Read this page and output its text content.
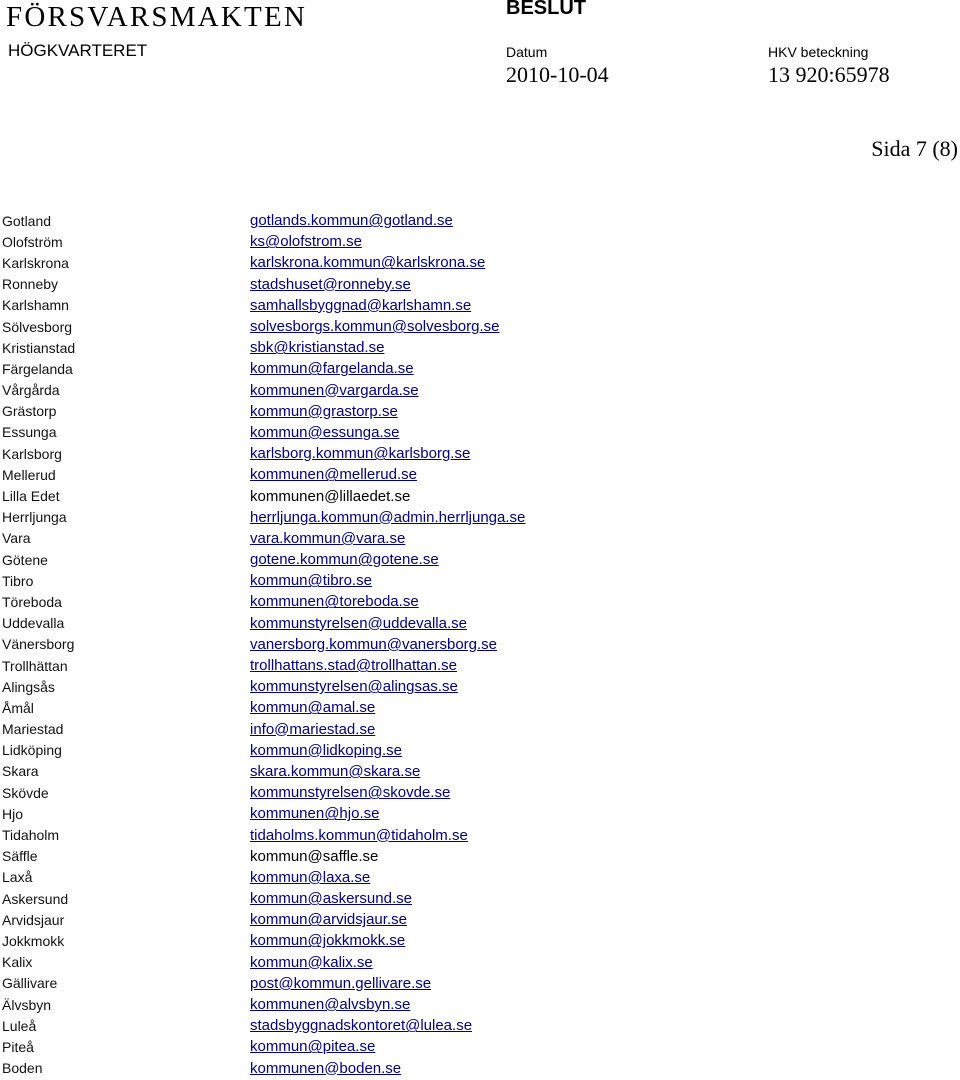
FÖRSVARSMAKTEN
HÖGKVARTERET
BESLUT
Datum
2010-10-04
HKV beteckning
13 920:65978
Sida 7 (8)
Gotland	gotlands.kommun@gotland.se
Olofström	ks@olofstrom.se
Karlskrona	karlskrona.kommun@karlskrona.se
Ronneby	stadshuset@ronneby.se
Karlshamn	samhallsbyggnad@karlshamn.se
Sölvesborg	solvesborgs.kommun@solvesborg.se
Kristianstad	sbk@kristianstad.se
Färgelanda	kommun@fargelanda.se
Vårgårda	kommunen@vargarda.se
Grästorp	kommun@grastorp.se
Essunga	kommun@essunga.se
Karlsborg	karlsborg.kommun@karlsborg.se
Mellerud	kommunen@mellerud.se
Lilla Edet	kommunen@lillaedet.se
Herrljunga	herrljunga.kommun@admin.herrljunga.se
Vara	vara.kommun@vara.se
Götene	gotene.kommun@gotene.se
Tibro	kommun@tibro.se
Töreboda	kommunen@toreboda.se
Uddevalla	kommunstyrelsen@uddevalla.se
Vänersborg	vanersborg.kommun@vanersborg.se
Trollhättan	trollhattans.stad@trollhattan.se
Alingsås	kommunstyrelsen@alingsas.se
Åmål	kommun@amal.se
Mariestad	info@mariestad.se
Lidköping	kommun@lidkoping.se
Skara	skara.kommun@skara.se
Skövde	kommunstyrelsen@skovde.se
Hjo	kommunen@hjo.se
Tidaholm	tidaholms.kommun@tidaholm.se
Säffle	kommun@saffle.se
Laxå	kommun@laxa.se
Askersund	kommun@askersund.se
Arvidsjaur	kommun@arvidsjaur.se
Jokkmokk	kommun@jokkmokk.se
Kalix	kommun@kalix.se
Gällivare	post@kommun.gellivare.se
Älvsbyn	kommunen@alvsbyn.se
Luleå	stadsbyggnadskontoret@lulea.se
Piteå	kommun@pitea.se
Boden	kommunen@boden.se
